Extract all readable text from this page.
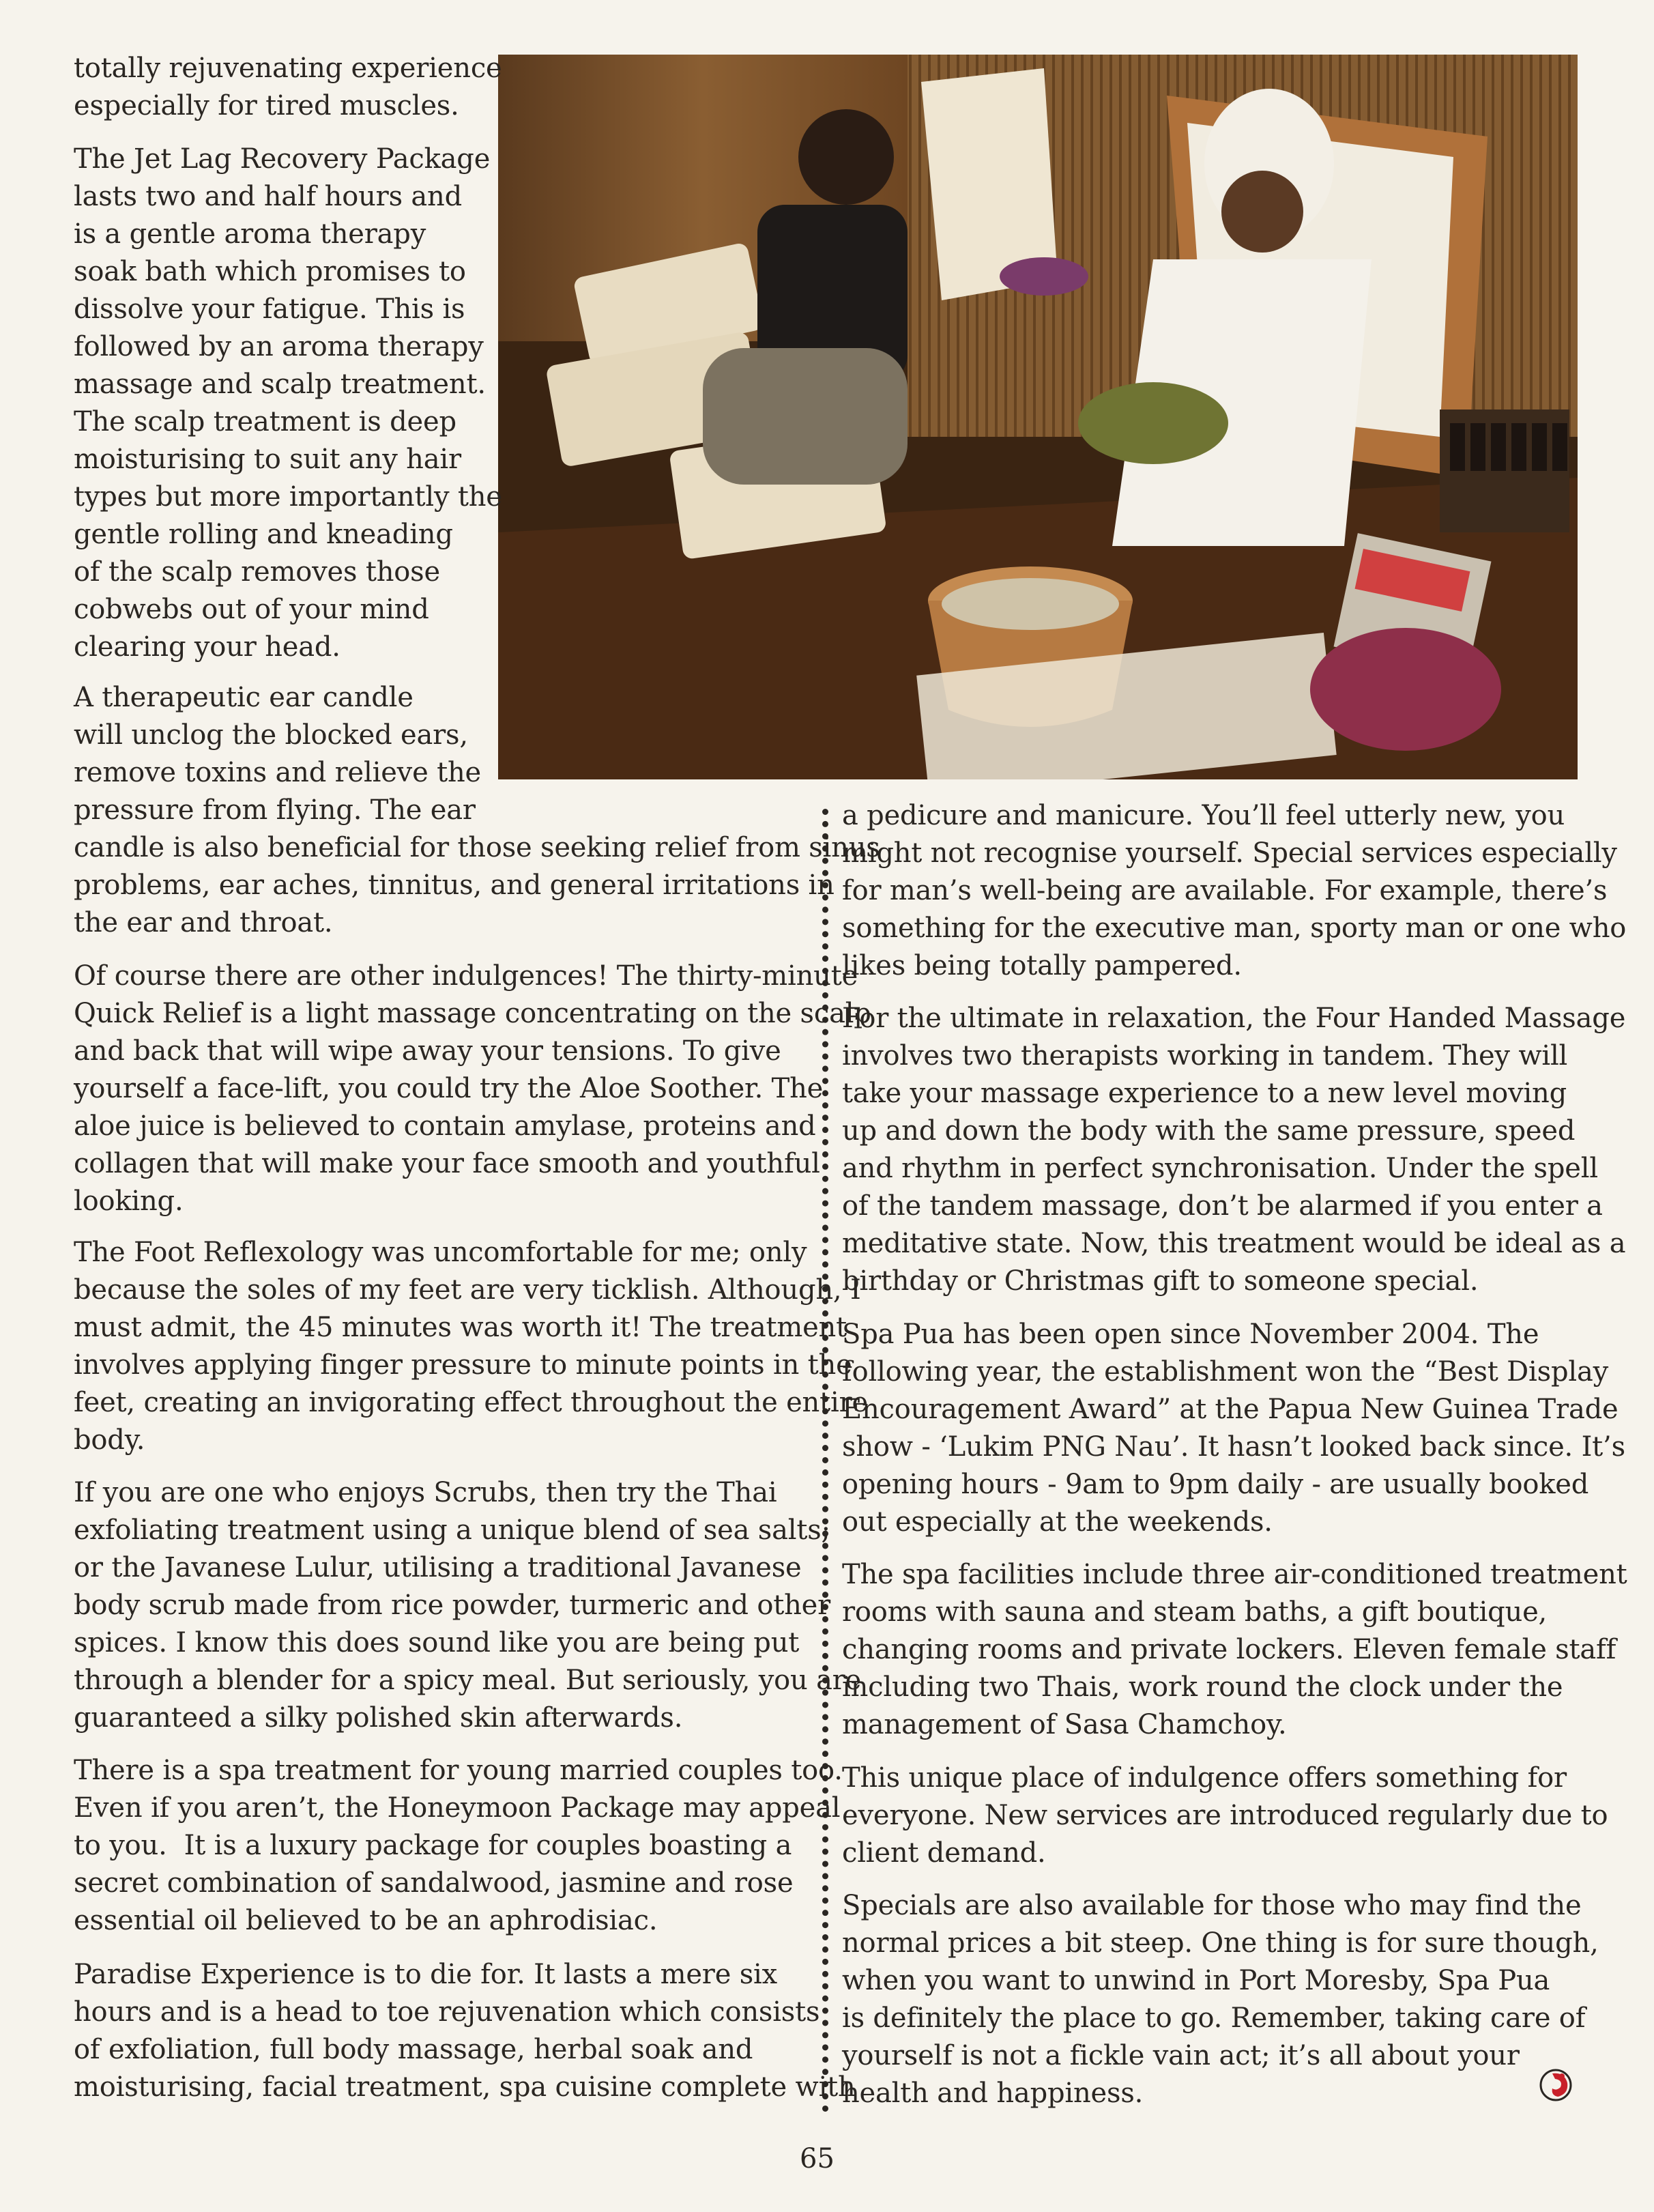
totally rejuvenating experience
especially for tired muscles.

The Jet Lag Recovery Package
lasts two and half hours and
is a gentle aroma therapy
soak bath which promises to
dissolve your fatigue. This is
followed by an aroma therapy
massage and scalp treatment.
The scalp treatment is deep
moisturising to suit any hair
types but more importantly the
gentle rolling and kneading
of the scalp removes those
cobwebs out of your mind
clearing your head.

A therapeutic ear candle
will unclog the blocked ears,
remove toxins and relieve the
pressure from flying. The ear

candle is also beneficial for those seeking relief from sinus
problems, ear aches, tinnitus, and general irritations in
the ear and throat.

Of course there are other indulgences! The thirty-minute
Quick Relief is a light massage concentrating on the scalp
and back that will wipe away your tensions. To give
yourself a face-lift, you could try the Aloe Soother. The
aloe juice is believed to contain amylase, proteins and
collagen that will make your face smooth and youthful
looking.

The Foot Reflexology was uncomfortable for me; only
because the soles of my feet are very ticklish. Although, I
must admit, the 45 minutes was worth it! The treatment
involves applying finger pressure to minute points in the
feet, creating an invigorating effect throughout the entire
body.

If you are one who enjoys Scrubs, then try the Thai
exfoliating treatment using a unique blend of sea salts;
or the Javanese Lulur, utilising a traditional Javanese
body scrub made from rice powder, turmeric and other
spices. I know this does sound like you are being put
through a blender for a spicy meal. But seriously, you are
guaranteed a silky polished skin afterwards.

There is a spa treatment for young married couples too.
Even if you aren’t, the Honeymoon Package may appeal
to you.  It is a luxury package for couples boasting a
secret combination of sandalwood, jasmine and rose
essential oil believed to be an aphrodisiac.

Paradise Experience is to die for. It lasts a mere six
hours and is a head to toe rejuvenation which consists
of exfoliation, full body massage, herbal soak and
moisturising, facial treatment, spa cuisine complete with

a pedicure and manicure. You’ll feel utterly new, you
might not recognise yourself. Special services especially
for man’s well-being are available. For example, there’s
something for the executive man, sporty man or one who
likes being totally pampered.

For the ultimate in relaxation, the Four Handed Massage
involves two therapists working in tandem. They will
take your massage experience to a new level moving
up and down the body with the same pressure, speed
and rhythm in perfect synchronisation. Under the spell
of the tandem massage, don’t be alarmed if you enter a
meditative state. Now, this treatment would be ideal as a
birthday or Christmas gift to someone special.

Spa Pua has been open since November 2004. The
following year, the establishment won the “Best Display
Encouragement Award” at the Papua New Guinea Trade
show - ‘Lukim PNG Nau’. It hasn’t looked back since. It’s
opening hours - 9am to 9pm daily - are usually booked
out especially at the weekends.

The spa facilities include three air-conditioned treatment
rooms with sauna and steam baths, a gift boutique,
changing rooms and private lockers. Eleven female staff
including two Thais, work round the clock under the
management of Sasa Chamchoy.

This unique place of indulgence offers something for
everyone. New services are introduced regularly due to
client demand.

Specials are also available for those who may find the
normal prices a bit steep. One thing is for sure though,
when you want to unwind in Port Moresby, Spa Pua
is definitely the place to go. Remember, taking care of
yourself is not a fickle vain act; it’s all about your
health and happiness.

65
